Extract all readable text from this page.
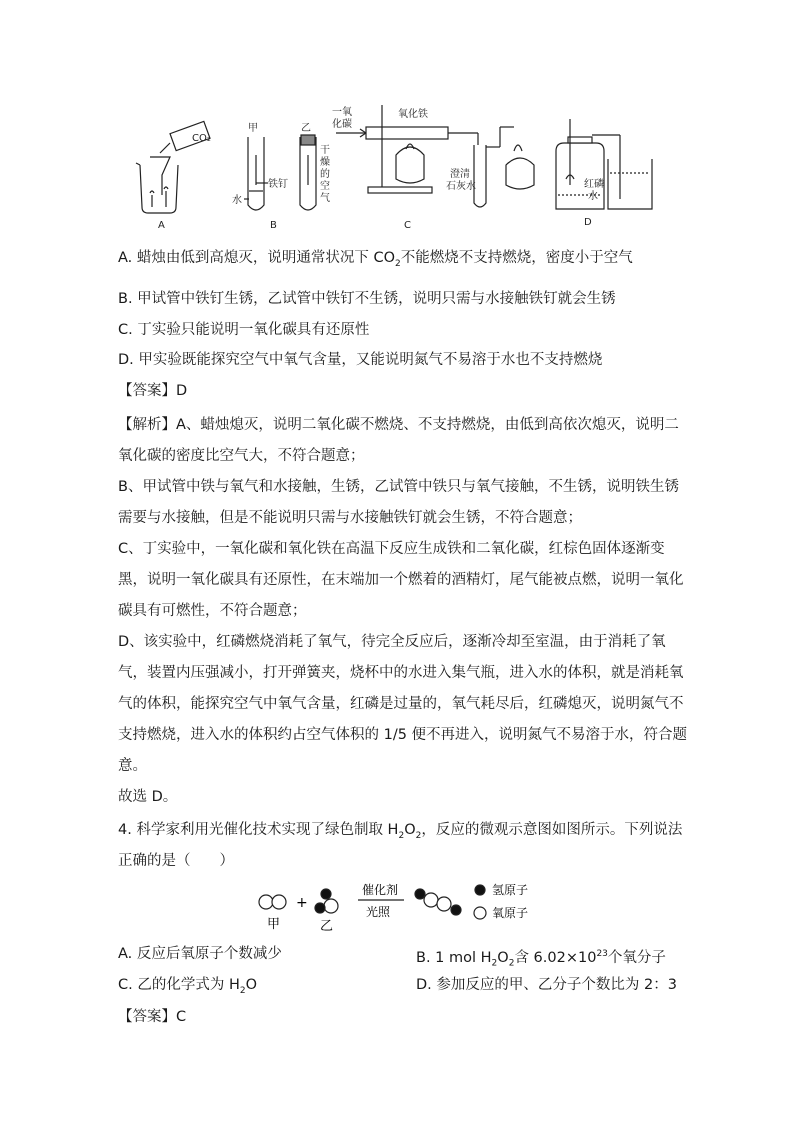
CO₂
A
甲	乙
铁钉
水
干
燥
的
空
气
B
一氧
化碳
氧化铁
澄清
石灰水
C
红磷
水
D
A. 蜡烛由低到高熄灭，说明通常状况下 $CO_2$不能燃烧不支持燃烧，密度小于空气
B. 甲试管中铁钉生锈，乙试管中铁钉不生锈，说明只需与水接触铁钉就会生锈
C. 丁实验只能说明一氧化碳具有还原性
D. 甲实验既能探究空气中氧气含量，又能说明氮气不易溶于水也不支持燃烧
【答案】D
【解析】A、蜡烛熄灭，说明二氧化碳不燃烧、不支持燃烧，由低到高依次熄灭，说明二
氧化碳的密度比空气大，不符合题意；
B、甲试管中铁与氧气和水接触，生锈，乙试管中铁只与氧气接触，不生锈，说明铁生锈
需要与水接触，但是不能说明只需与水接触铁钉就会生锈，不符合题意；
C、丁实验中，一氧化碳和氧化铁在高温下反应生成铁和二氧化碳，红棕色固体逐渐变
黑，说明一氧化碳具有还原性，在末端加一个燃着的酒精灯，尾气能被点燃，说明一氧化
碳具有可燃性，不符合题意；
D、该实验中，红磷燃烧消耗了氧气，待完全反应后，逐渐冷却至室温，由于消耗了氧
气，装置内压强减小，打开弹簧夹，烧杯中的水进入集气瓶，进入水的体积，就是消耗氧
气的体积，能探究空气中氧气含量，红磷是过量的，氧气耗尽后，红磷熄灭，说明氮气不
支持燃烧，进入水的体积约占空气体积的 1/5 便不再进入，说明氮气不易溶于水，符合题
意。
故选 D。
4. 科学家利用光催化技术实现了绿色制取 $H_2O_2$，反应的微观示意图如图所示。下列说法
正确的是（　　）
+
甲	乙
催化剂
光照
氢原子
氧原子
A. 反应后氧原子个数减少	B. 1 mol $H_2O_2$含 $6.02\times 10^{23}$个氧分子
C. 乙的化学式为 $H_2O$	D. 参加反应的甲、乙分子个数比为 2：3
【答案】C
